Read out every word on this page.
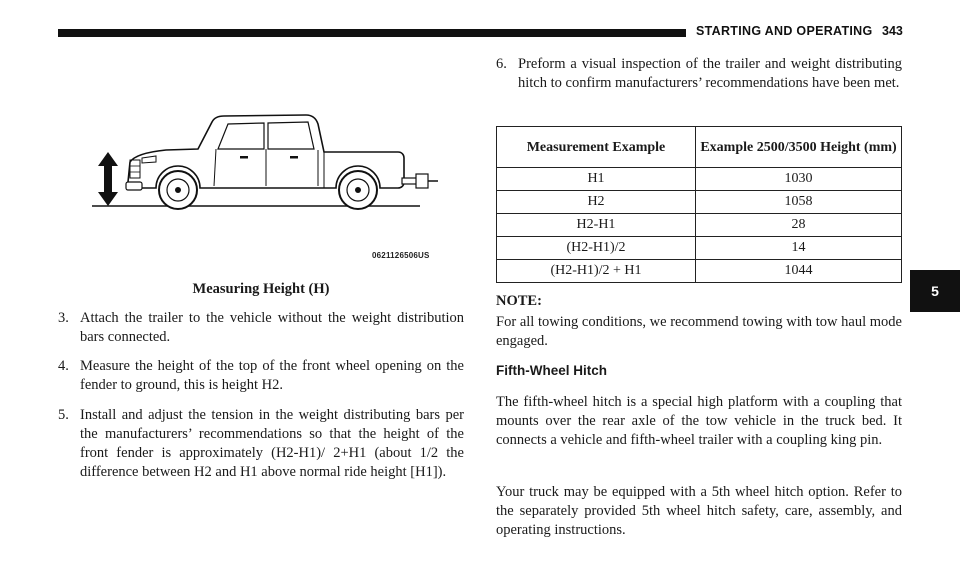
STARTING AND OPERATING 343
5
0621126506US
Measuring Height (H)
3. Attach the trailer to the vehicle without the weight distribution bars connected.
4. Measure the height of the top of the front wheel opening on the fender to ground, this is height H2.
5. Install and adjust the tension in the weight distributing bars per the manufacturers’ recommendations so that the height of the front fender is approximately (H2-H1)/ 2+H1 (about 1/2 the difference between H2 and H1 above normal ride height [H1]).
6. Preform a visual inspection of the trailer and weight distributing hitch to confirm manufacturers’ recommendations have been met.
Measurement Example	Example 2500/3500 Height (mm)
H1	1030
H2	1058
H2-H1	28
(H2-H1)/2	14
(H2-H1)/2 + H1	1044
NOTE:
For all towing conditions, we recommend towing with tow haul mode engaged.
Fifth-Wheel Hitch
The fifth-wheel hitch is a special high platform with a coupling that mounts over the rear axle of the tow vehicle in the truck bed. It connects a vehicle and fifth-wheel trailer with a coupling king pin.
Your truck may be equipped with a 5th wheel hitch option. Refer to the separately provided 5th wheel hitch safety, care, assembly, and operating instructions.
